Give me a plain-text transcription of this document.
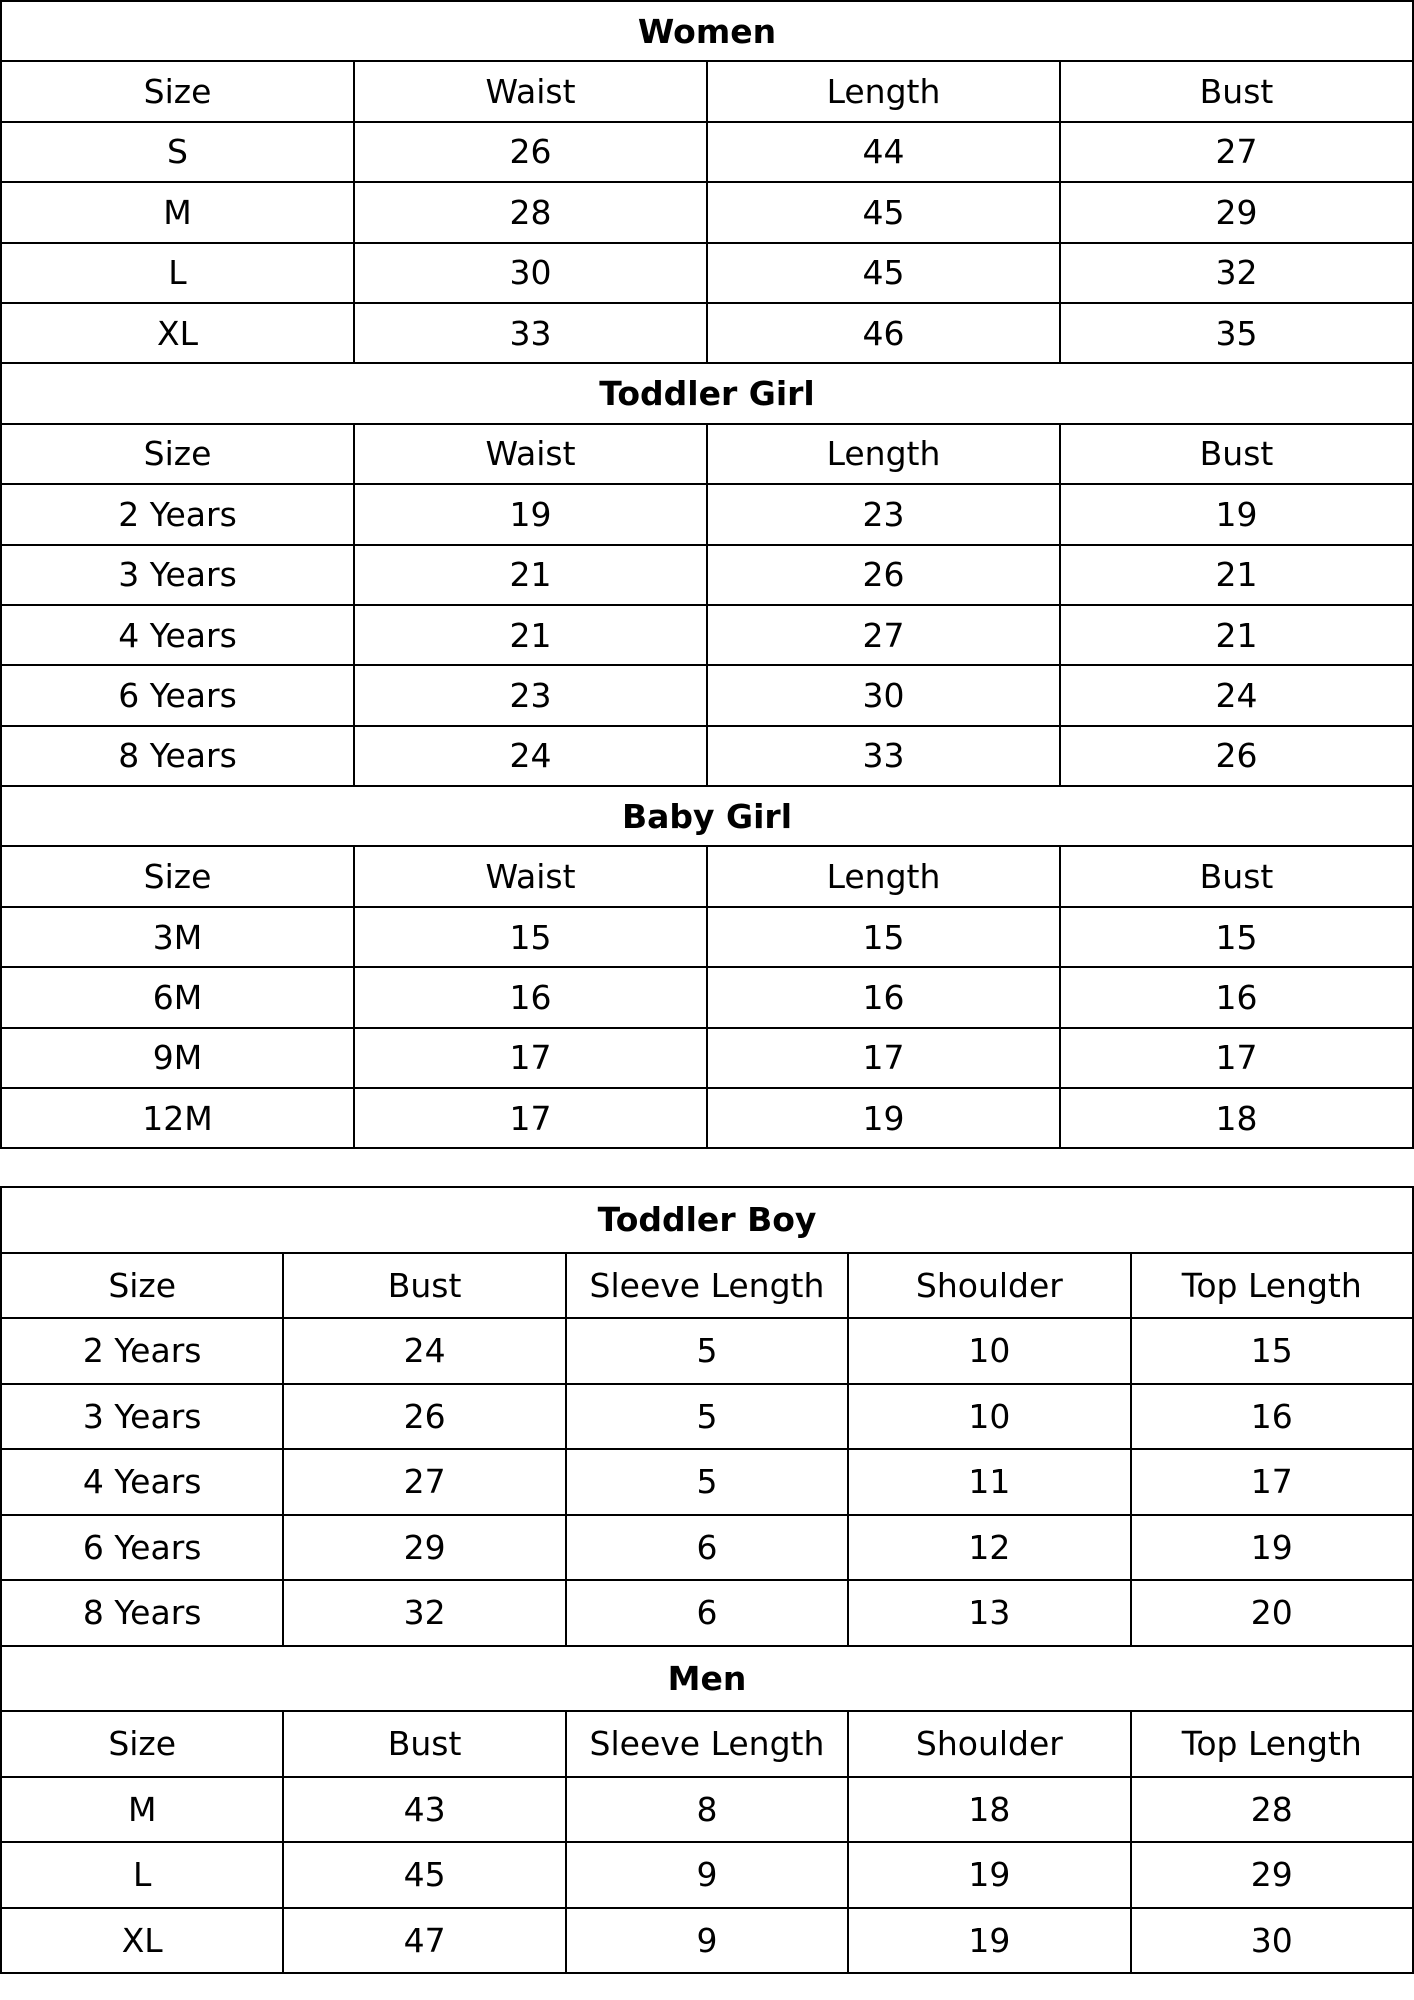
Women			
Size	Waist	Length	Bust
S	26	44	27
M	28	45	29
L	30	45	32
XL	33	46	35
Toddler Girl			
Size	Waist	Length	Bust
2 Years	19	23	19
3 Years	21	26	21
4 Years	21	27	21
6 Years	23	30	24
8 Years	24	33	26
Baby Girl			
Size	Waist	Length	Bust
3M	15	15	15
6M	16	16	16
9M	17	17	17
12M	17	19	18
Toddler Boy				
Size	Bust	Sleeve Length	Shoulder	Top Length
2 Years	24	5	10	15
3 Years	26	5	10	16
4 Years	27	5	11	17
6 Years	29	6	12	19
8 Years	32	6	13	20
Men				
Size	Bust	Sleeve Length	Shoulder	Top Length
M	43	8	18	28
L	45	9	19	29
XL	47	9	19	30
